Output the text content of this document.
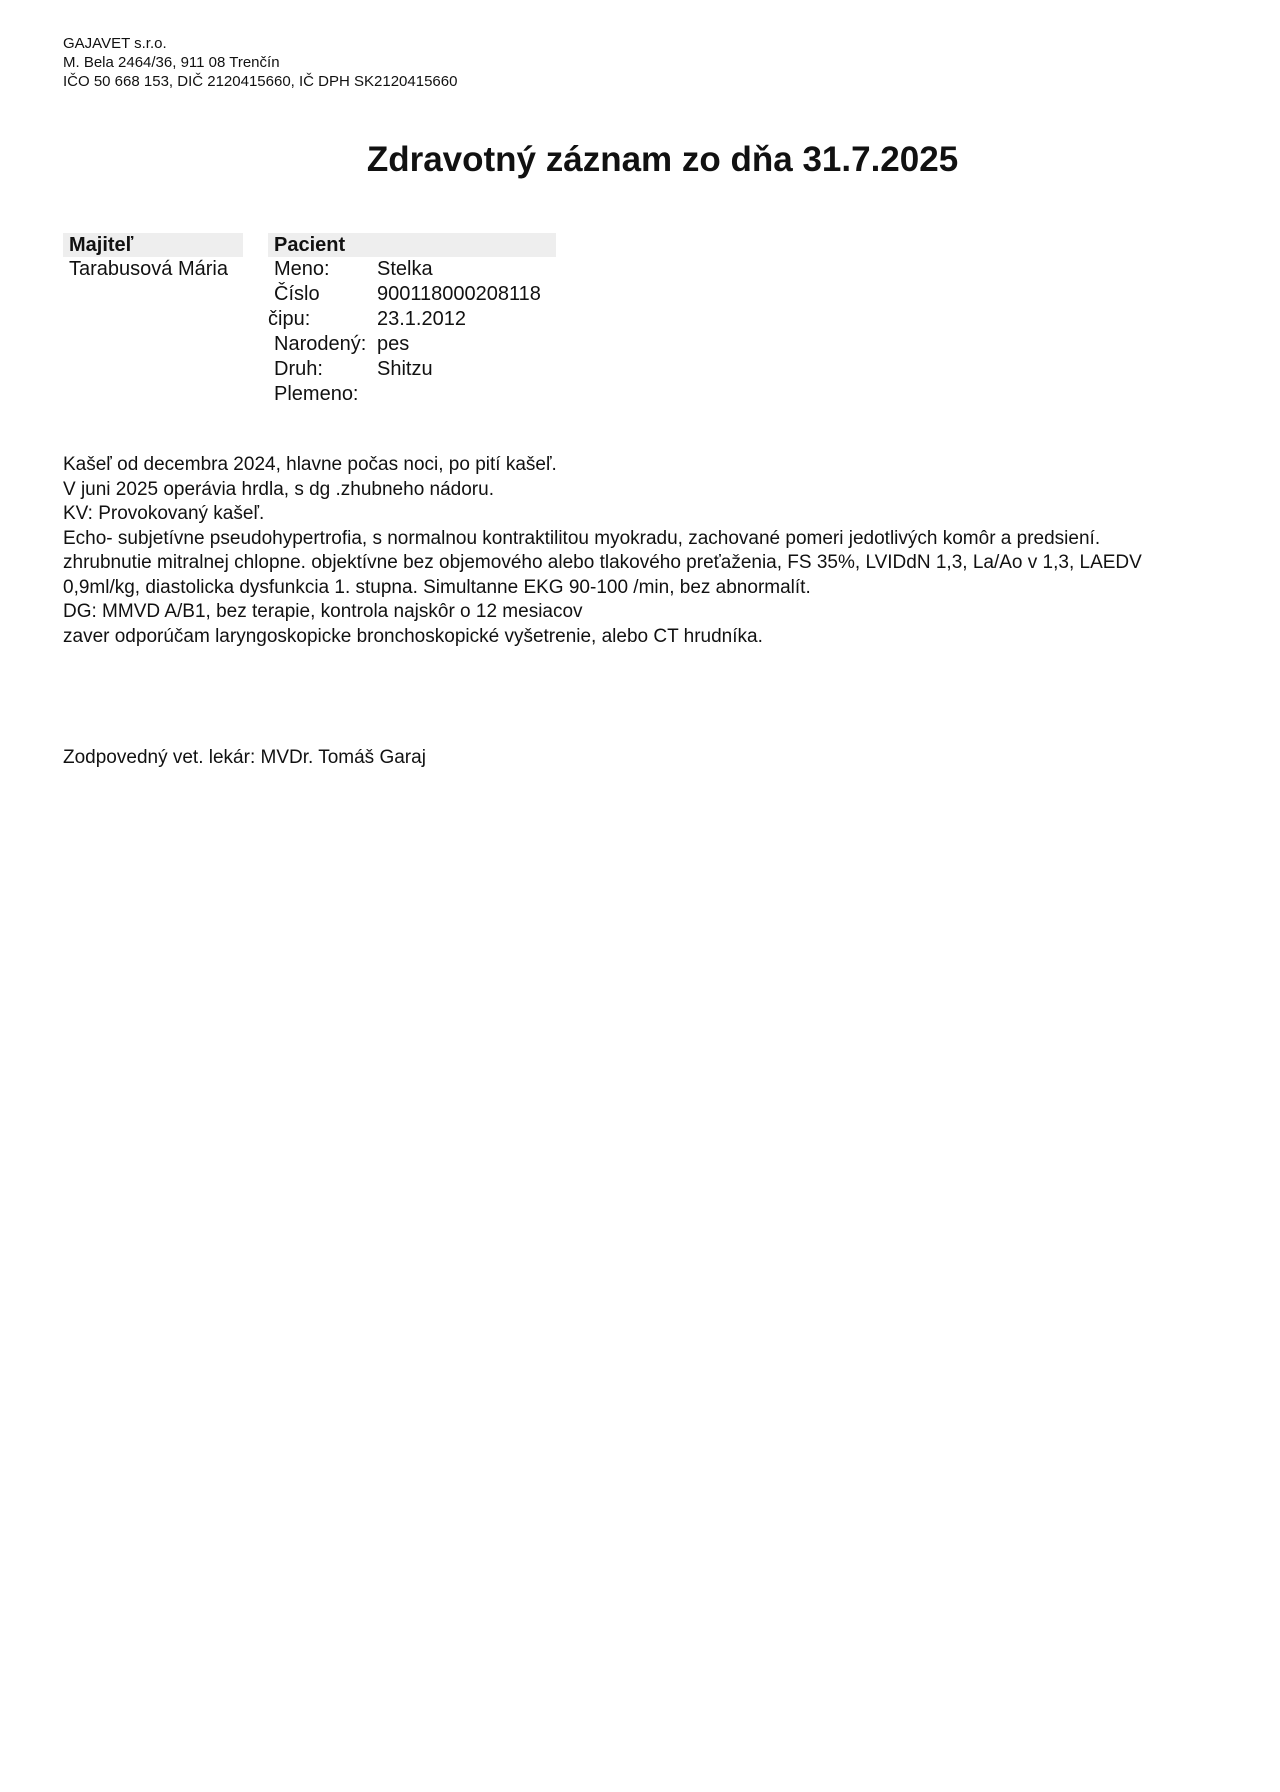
GAJAVET s.r.o.
M. Bela 2464/36, 911 08 Trenčín
IČO 50 668 153, DIČ 2120415660, IČ DPH SK2120415660
Zdravotný záznam zo dňa 31.7.2025
Majiteľ
Tarabusová Mária
Pacient
Meno:
Číslo
čipu:
Narodený:
Druh:
Plemeno:
Stelka
900118000208118
23.1.2012
pes
Shitzu
Kašeľ od decembra 2024, hlavne počas noci, po pití kašeľ.
V juni 2025 operávia hrdla, s dg .zhubneho nádoru.
KV: Provokovaný kašeľ.
Echo- subjetívne pseudohypertrofia, s normalnou kontraktilitou myokradu, zachované pomeri jedotlivých komôr a predsiení.
zhrubnutie mitralnej chlopne. objektívne bez objemového alebo tlakového preťaženia, FS 35%, LVIDdN 1,3, La/Ao v 1,3, LAEDV
0,9ml/kg, diastolicka dysfunkcia 1. stupna. Simultanne EKG 90-100 /min, bez abnormalít.
DG: MMVD A/B1, bez terapie, kontrola najskôr o 12 mesiacov
zaver odporúčam laryngoskopicke bronchoskopické vyšetrenie, alebo CT hrudníka.
Zodpovedný vet. lekár: MVDr. Tomáš Garaj
